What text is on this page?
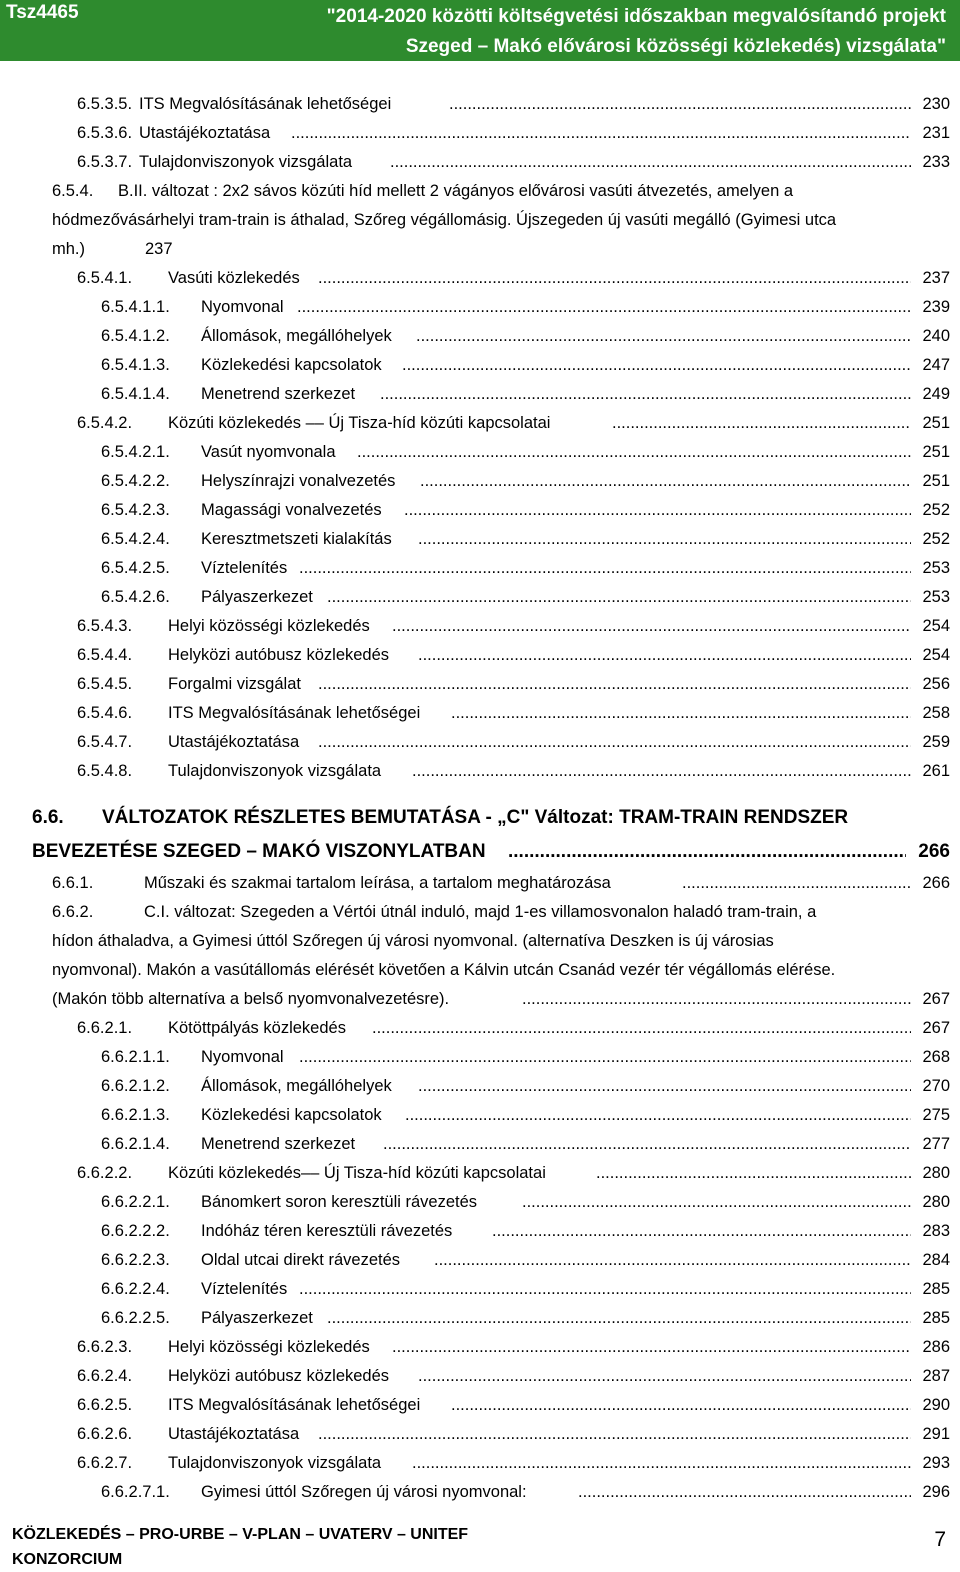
Tsz4465	"2014-2020 közötti költségvetési időszakban megvalósítandó projekt
Szeged – Makó elővárosi közösségi közlekedés) vizsgálata"
6.5.3.5. ITS Megvalósításának lehetőségei .....	230
6.5.3.6. Utastájékoztatása .....	231
6.5.3.7. Tulajdonviszonyok vizsgálata .....	233
6.5.4. B.II. változat : 2x2 sávos közúti híd mellett 2 vágányos elővárosi vasúti átvezetés, amelyen a
hódmezővásárhelyi tram-train is áthalad, Szőreg végállomásig. Újszegeden új vasúti megálló (Gyimesi utca
mh.)	237
6.5.4.1. Vasúti közlekedés .....	237
6.5.4.1.1. Nyomvonal .....	239
6.5.4.1.2. Állomások, megállóhelyek .....	240
6.5.4.1.3. Közlekedési kapcsolatok .....	247
6.5.4.1.4. Menetrend szerkezet .....	249
6.5.4.2. Közúti közlekedés –– Új Tisza-híd közúti kapcsolatai .....	251
6.5.4.2.1. Vasút nyomvonala .....	251
6.5.4.2.2. Helyszínrajzi vonalvezetés .....	251
6.5.4.2.3. Magassági vonalvezetés .....	252
6.5.4.2.4. Keresztmetszeti kialakítás .....	252
6.5.4.2.5. Víztelenítés .....	253
6.5.4.2.6. Pályaszerkezet .....	253
6.5.4.3. Helyi közösségi közlekedés .....	254
6.5.4.4. Helyközi autóbusz közlekedés .....	254
6.5.4.5. Forgalmi vizsgálat .....	256
6.5.4.6. ITS Megvalósításának lehetőségei .....	258
6.5.4.7. Utastájékoztatása .....	259
6.5.4.8. Tulajdonviszonyok vizsgálata .....	261
6.6. VÁLTOZATOK RÉSZLETES BEMUTATÁSA - „C" Változat: TRAM-TRAIN RENDSZER
BEVEZETÉSE SZEGED – MAKÓ VISZONYLATBAN .....	266
6.6.1.	Műszaki és szakmai tartalom leírása, a tartalom meghatározása .....	266
6.6.2.	C.I. változat: Szegeden a Vértói útnál induló, majd 1-es villamosvonalon haladó tram-train, a
hídon áthaladva, a Gyimesi úttól Szőregen új városi nyomvonal. (alternatíva Deszken is új városias
nyomvonal). Makón a vasútállomás elérését követően a Kálvin utcán Csanád vezér tér végállomás elérése.
(Makón több alternatíva a belső nyomvonalvezetésre). .....	267
6.6.2.1. Kötöttpályás közlekedés .....	267
6.6.2.1.1. Nyomvonal .....	268
6.6.2.1.2. Állomások, megállóhelyek .....	270
6.6.2.1.3. Közlekedési kapcsolatok .....	275
6.6.2.1.4. Menetrend szerkezet .....	277
6.6.2.2. Közúti közlekedés–– Új Tisza-híd közúti kapcsolatai .....	280
6.6.2.2.1. Bánomkert soron keresztüli rávezetés .....	280
6.6.2.2.2. Indóház téren keresztüli rávezetés .....	283
6.6.2.2.3. Oldal utcai direkt rávezetés .....	284
6.6.2.2.4. Víztelenítés .....	285
6.6.2.2.5. Pályaszerkezet .....	285
6.6.2.3. Helyi közösségi közlekedés .....	286
6.6.2.4. Helyközi autóbusz közlekedés .....	287
6.6.2.5. ITS Megvalósításának lehetőségei .....	290
6.6.2.6. Utastájékoztatása .....	291
6.6.2.7. Tulajdonviszonyok vizsgálata .....	293
6.6.2.7.1. Gyimesi úttól Szőregen új városi nyomvonal: .....	296
KÖZLEKEDÉS – PRO-URBE – V-PLAN – UVATERV – UNITEF
KONZORCIUM
7
